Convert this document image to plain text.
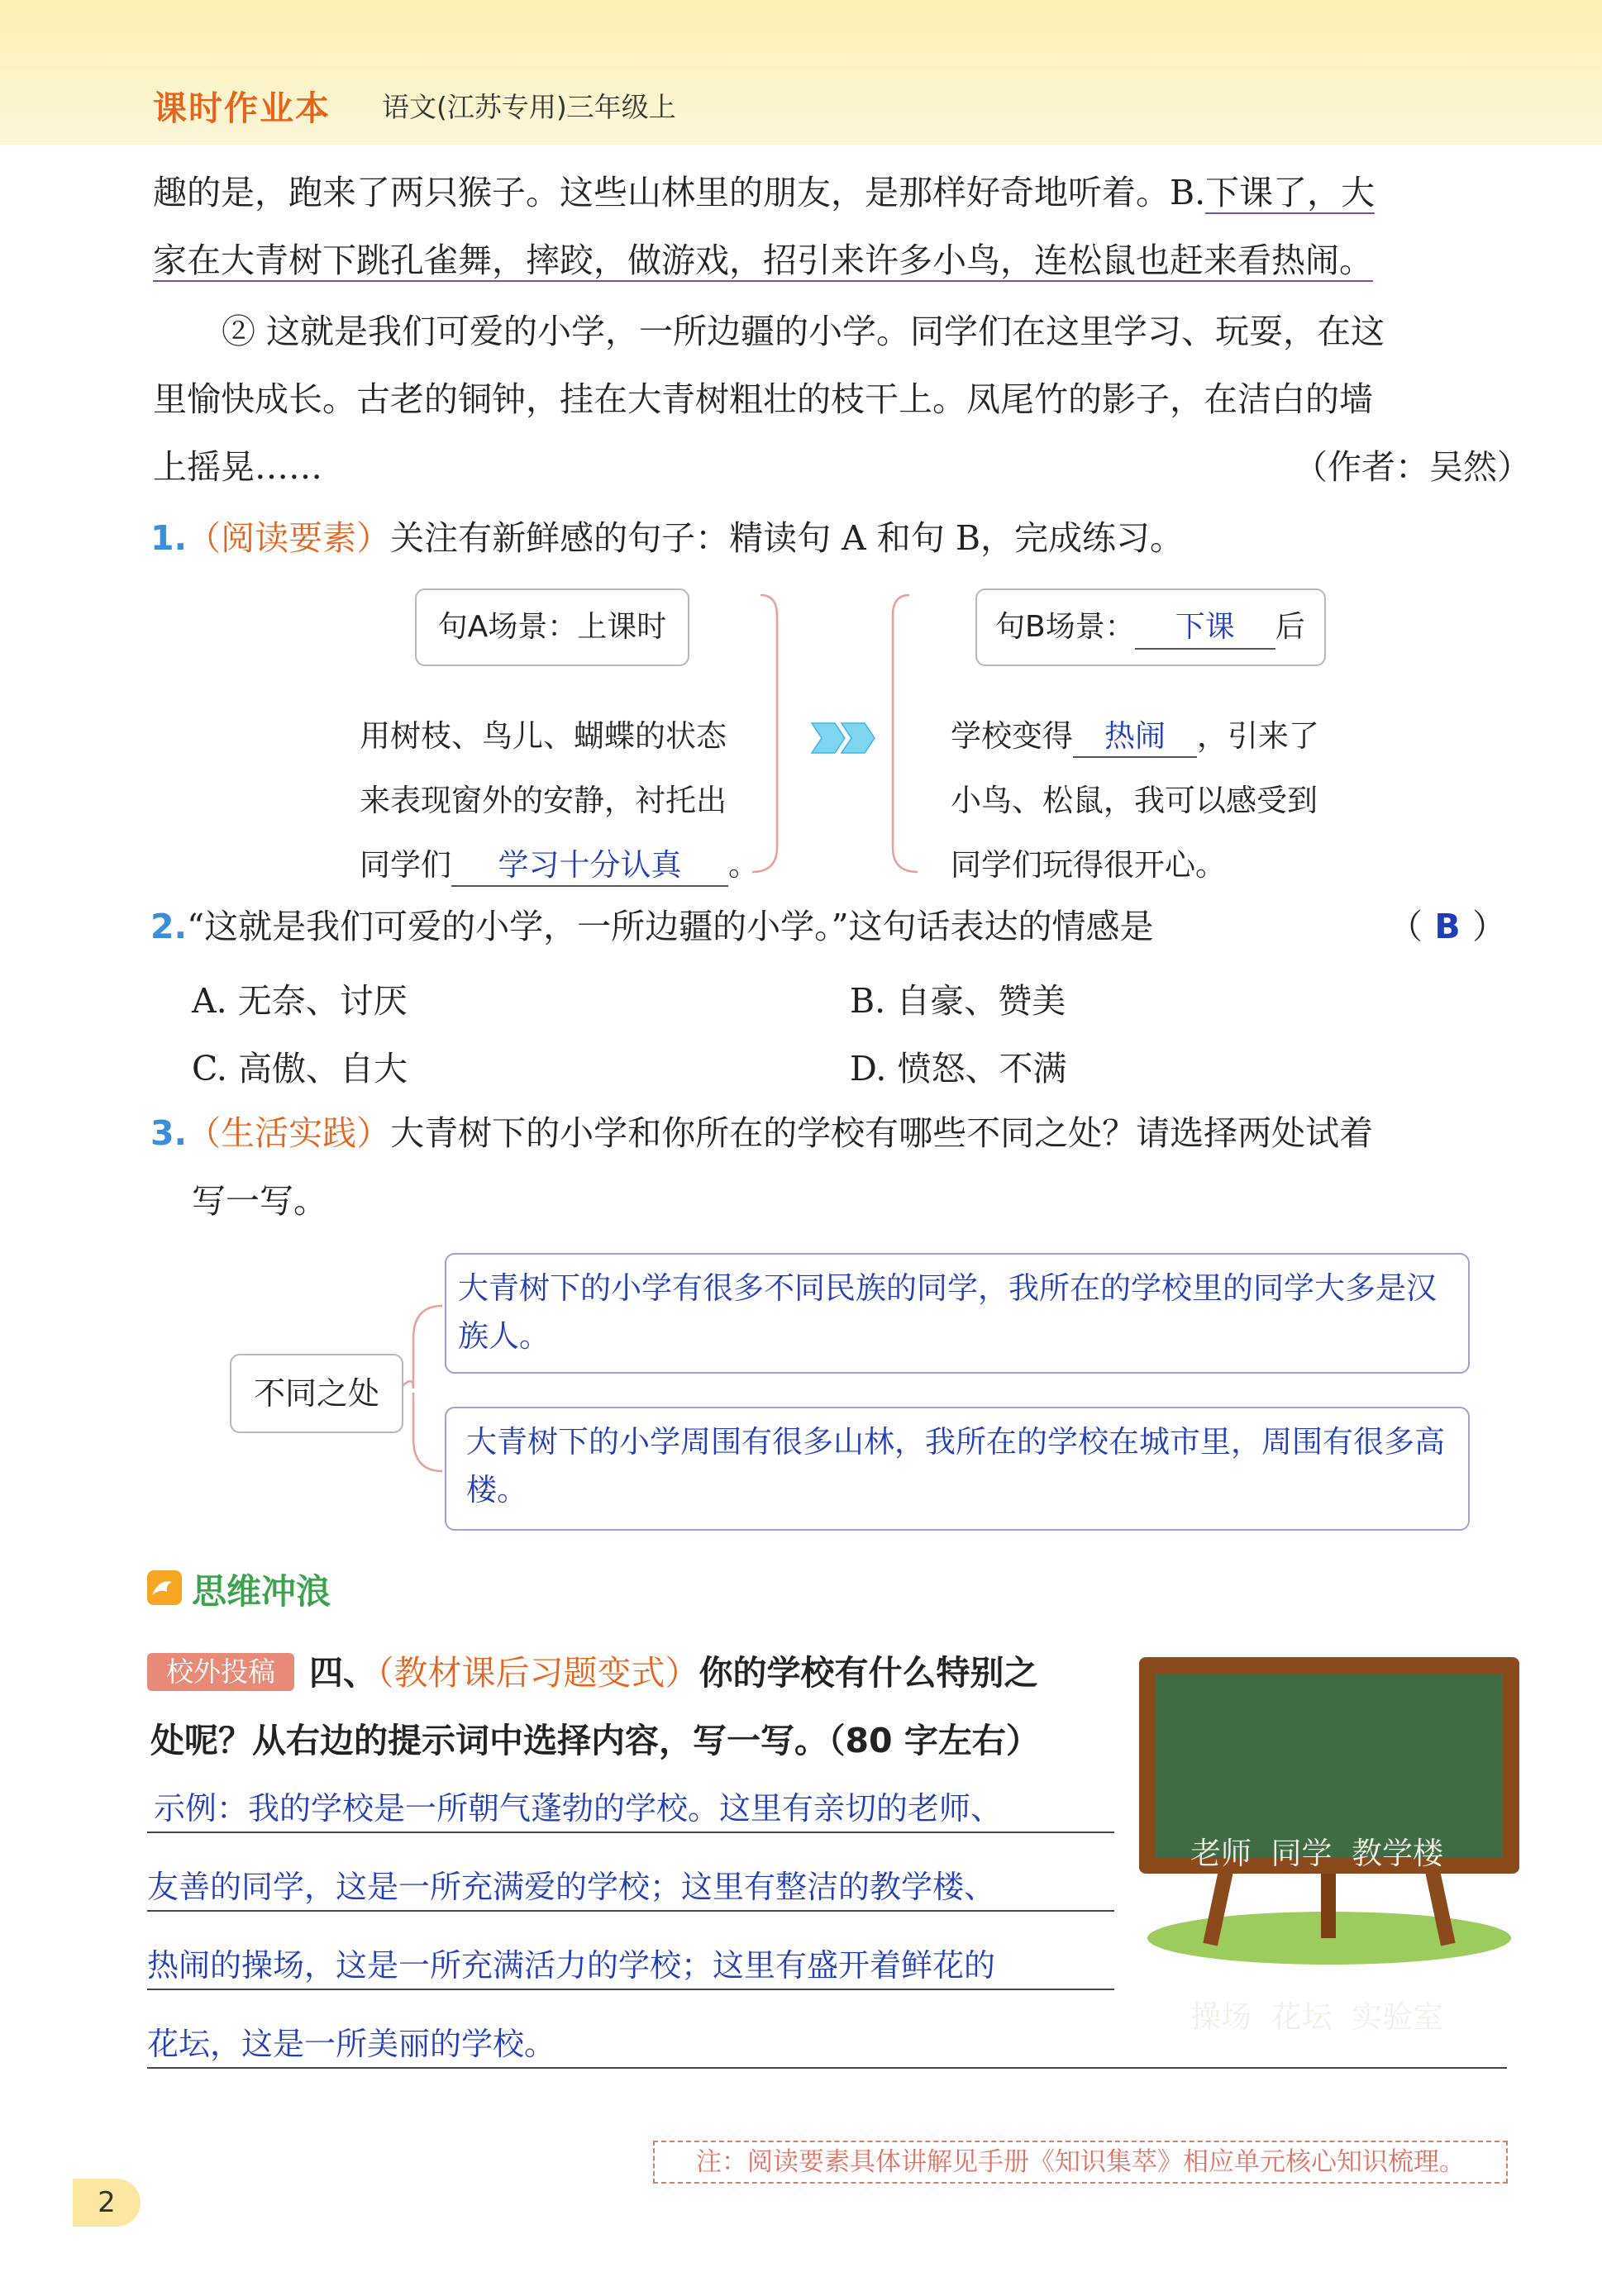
课时作业本 语文(江苏专用)三年级上
趣的是，跑来了两只猴子。这些山林里的朋友，是那样好奇地听着。B.下课了，大
家在大青树下跳孔雀舞，摔跤，做游戏，招引来许多小鸟，连松鼠也赶来看热闹。
② 这就是我们可爱的小学，一所边疆的小学。同学们在这里学习、玩耍，在这
里愉快成长。古老的铜钟，挂在大青树粗壮的枝干上。凤尾竹的影子，在洁白的墙
上摇晃……	（作者：吴然）
1.（阅读要素）关注有新鲜感的句子：精读句 A 和句 B，完成练习。
句A场景：上课时	句B场景： 下课 后
用树枝、鸟儿、蝴蝶的状态
来表现窗外的安静，衬托出
同学们 学习十分认真 。
学校变得 热闹 ，引来了
小鸟、松鼠，我可以感受到
同学们玩得很开心。
2.“这就是我们可爱的小学，一所边疆的小学。”这句话表达的情感是	（ B ）
A. 无奈、讨厌	B. 自豪、赞美
C. 高傲、自大	D. 愤怒、不满
3.（生活实践）大青树下的小学和你所在的学校有哪些不同之处？请选择两处试着
写一写。
不同之处
大青树下的小学有很多不同民族的同学，我所在的学校里的同学大多是汉族人。
大青树下的小学周围有很多山林，我所在的学校在城市里，周围有很多高楼。
思维冲浪
校外投稿	四、（教材课后习题变式）你的学校有什么特别之
处呢？从右边的提示词中选择内容，写一写。（80 字左右）

老师  同学  教学楼

操场  花坛  实验室

示例：我的学校是一所朝气蓬勃的学校。这里有亲切的老师、
友善的同学，这是一所充满爱的学校；这里有整洁的教学楼、
热闹的操场，这是一所充满活力的学校；这里有盛开着鲜花的
花坛，这是一所美丽的学校。
注：阅读要素具体讲解见手册《知识集萃》相应单元核心知识梳理。
2
